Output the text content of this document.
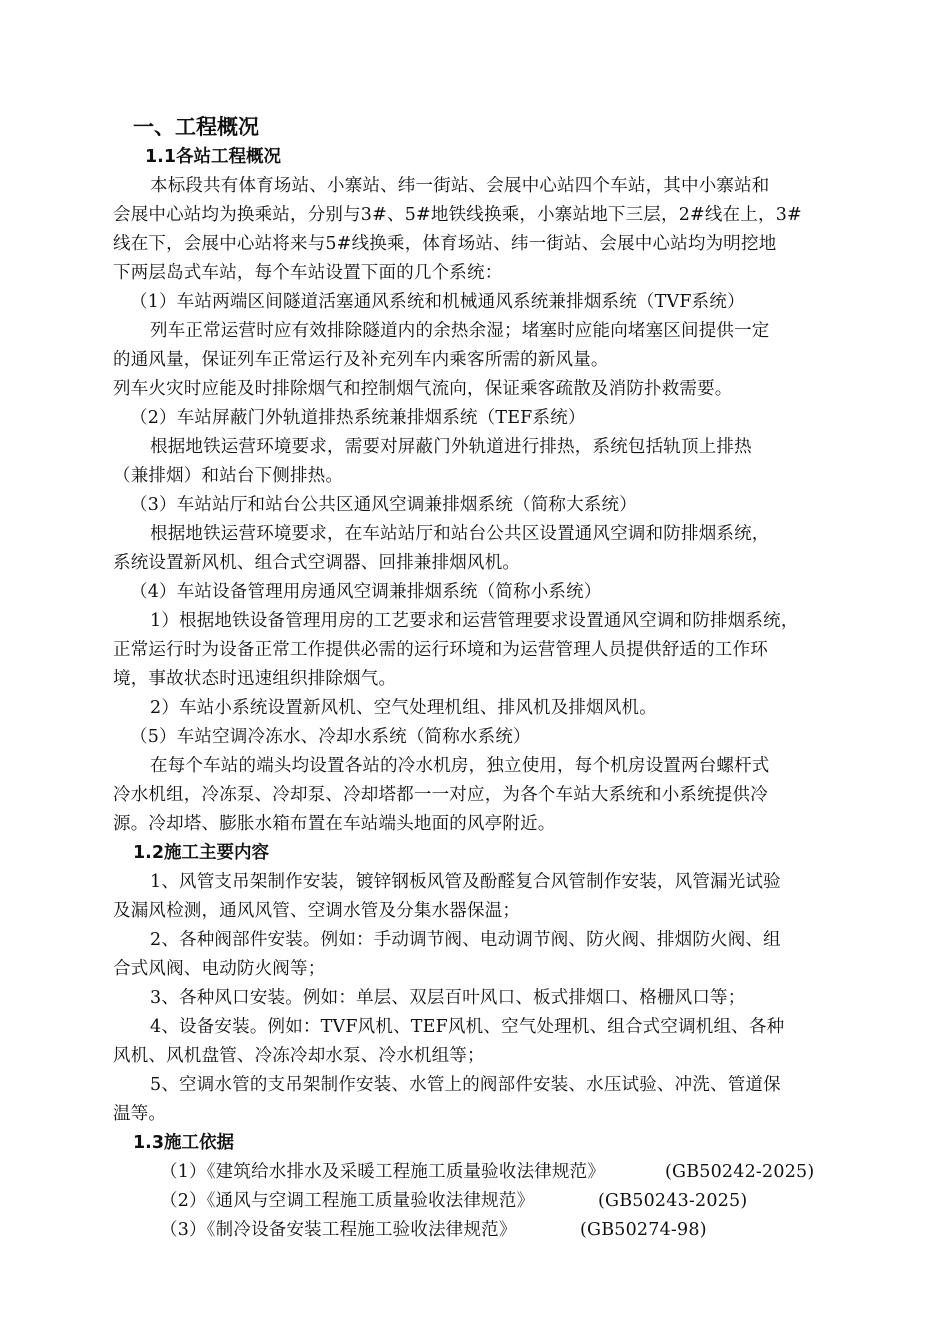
一、工程概况
1.1各站工程概况
本标段共有体育场站、小寨站、纬一街站、会展中心站四个车站，其中小寨站和
会展中心站均为换乘站，分别与3#、5#地铁线换乘，小寨站地下三层，2#线在上，3#
线在下，会展中心站将来与5#线换乘，体育场站、纬一街站、会展中心站均为明挖地
下两层岛式车站，每个车站设置下面的几个系统：
（1）车站两端区间隧道活塞通风系统和机械通风系统兼排烟系统（TVF系统）
列车正常运营时应有效排除隧道内的余热余湿；堵塞时应能向堵塞区间提供一定
的通风量，保证列车正常运行及补充列车内乘客所需的新风量。
列车火灾时应能及时排除烟气和控制烟气流向，保证乘客疏散及消防扑救需要。
（2）车站屏蔽门外轨道排热系统兼排烟系统（TEF系统）
根据地铁运营环境要求，需要对屏蔽门外轨道进行排热，系统包括轨顶上排热
（兼排烟）和站台下侧排热。
（3）车站站厅和站台公共区通风空调兼排烟系统（简称大系统）
根据地铁运营环境要求，在车站站厅和站台公共区设置通风空调和防排烟系统，
系统设置新风机、组合式空调器、回排兼排烟风机。
（4）车站设备管理用房通风空调兼排烟系统（简称小系统）
1）根据地铁设备管理用房的工艺要求和运营管理要求设置通风空调和防排烟系统，
正常运行时为设备正常工作提供必需的运行环境和为运营管理人员提供舒适的工作环
境，事故状态时迅速组织排除烟气。
2）车站小系统设置新风机、空气处理机组、排风机及排烟风机。
（5）车站空调冷冻水、冷却水系统（简称水系统）
在每个车站的端头均设置各站的冷水机房，独立使用，每个机房设置两台螺杆式
冷水机组，冷冻泵、冷却泵、冷却塔都一一对应，为各个车站大系统和小系统提供冷
源。冷却塔、膨胀水箱布置在车站端头地面的风亭附近。
1.2施工主要内容
1、风管支吊架制作安装，镀锌钢板风管及酚醛复合风管制作安装，风管漏光试验
及漏风检测，通风风管、空调水管及分集水器保温；
2、各种阀部件安装。例如：手动调节阀、电动调节阀、防火阀、排烟防火阀、组
合式风阀、电动防火阀等；
3、各种风口安装。例如：单层、双层百叶风口、板式排烟口、格栅风口等；
4、设备安装。例如：TVF风机、TEF风机、空气处理机、组合式空调机组、各种
风机、风机盘管、冷冻冷却水泵、冷水机组等；
5、空调水管的支吊架制作安装、水管上的阀部件安装、水压试验、冲洗、管道保
温等。
1.3施工依据
（1）《建筑给水排水及采暖工程施工质量验收法律规范》	(GB50242-2025)
（2）《通风与空调工程施工质量验收法律规范》	(GB50243-2025)
（3）《制冷设备安装工程施工验收法律规范》	(GB50274-98)
